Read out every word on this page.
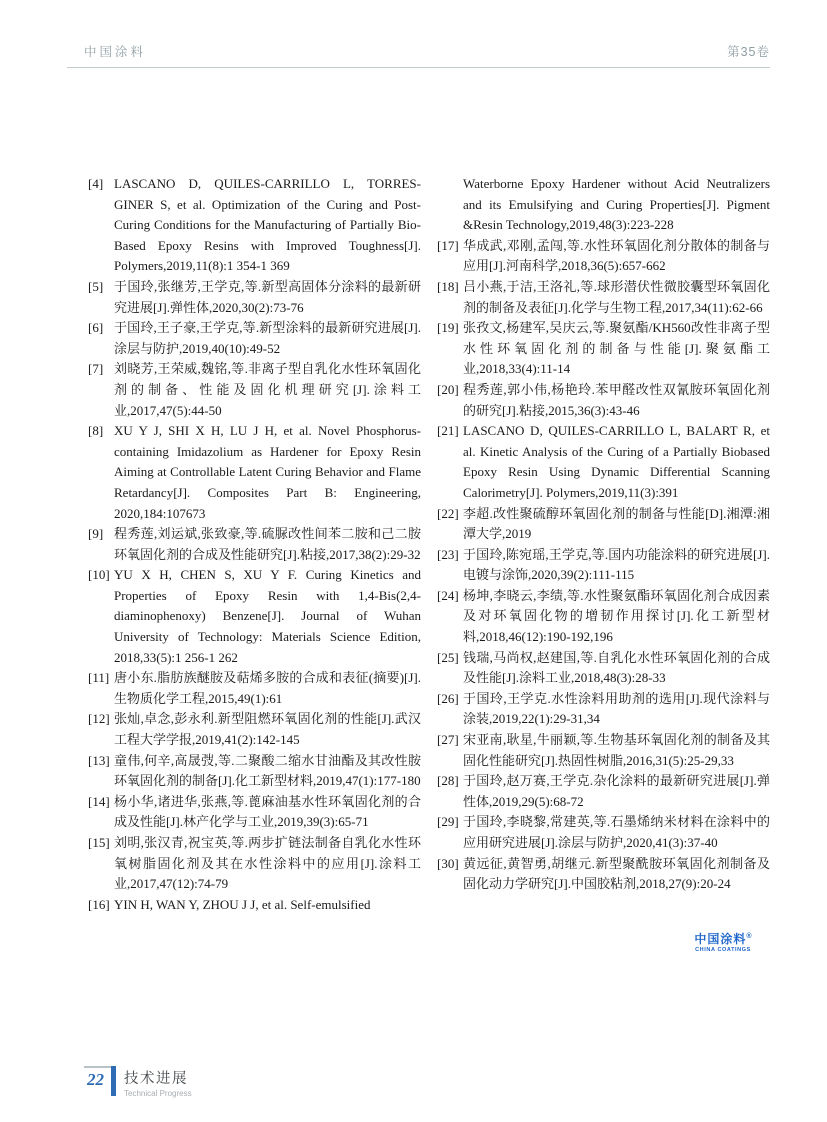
中国涂料	第35卷
[4] LASCANO D, QUILES-CARRILLO L, TORRES-GINER S, et al. Optimization of the Curing and Post-Curing Conditions for the Manufacturing of Partially Bio-Based Epoxy Resins with Improved Toughness[J]. Polymers,2019,11(8):1 354-1 369
[5] 于国玲,张继芳,王学克,等.新型高固体分涂料的最新研究进展[J].弹性体,2020,30(2):73-76
[6] 于国玲,王子豪,王学克,等.新型涂料的最新研究进展[J].涂层与防护,2019,40(10):49-52
[7] 刘晓芳,王荣威,魏铭,等.非离子型自乳化水性环氧固化剂的制备、性能及固化机理研究[J].涂料工业,2017,47(5):44-50
[8] XU Y J, SHI X H, LU J H, et al. Novel Phosphorus-containing Imidazolium as Hardener for Epoxy Resin Aiming at Controllable Latent Curing Behavior and Flame Retardancy[J]. Composites Part B: Engineering, 2020,184:107673
[9] 程秀莲,刘运斌,张致豪,等.硫脲改性间苯二胺和己二胺环氧固化剂的合成及性能研究[J].粘接,2017,38(2):29-32
[10] YU X H, CHEN S, XU Y F. Curing Kinetics and Properties of Epoxy Resin with 1,4-Bis(2,4-diaminophenoxy) Benzene[J]. Journal of Wuhan University of Technology: Materials Science Edition, 2018,33(5):1 256-1 262
[11] 唐小东.脂肪族醚胺及萜烯多胺的合成和表征(摘要)[J].生物质化学工程,2015,49(1):61
[12] 张灿,卓念,彭永利.新型阻燃环氧固化剂的性能[J].武汉工程大学学报,2019,41(2):142-145
[13] 童伟,何辛,高晟弢,等.二聚酸二缩水甘油酯及其改性胺环氧固化剂的制备[J].化工新型材料,2019,47(1):177-180
[14] 杨小华,诸进华,张燕,等.蓖麻油基水性环氧固化剂的合成及性能[J].林产化学与工业,2019,39(3):65-71
[15] 刘明,张汉青,祝宝英,等.两步扩链法制备自乳化水性环氧树脂固化剂及其在水性涂料中的应用[J].涂料工业,2017,47(12):74-79
[16] YIN H, WAN Y, ZHOU J J, et al. Self-emulsified
Waterborne Epoxy Hardener without Acid Neutralizers and its Emulsifying and Curing Properties[J]. Pigment &Resin Technology,2019,48(3):223-228
[17] 华成武,邓刚,孟闯,等.水性环氧固化剂分散体的制备与应用[J].河南科学,2018,36(5):657-662
[18] 吕小燕,于洁,王洛礼,等.球形潜伏性微胶囊型环氧固化剂的制备及表征[J].化学与生物工程,2017,34(11):62-66
[19] 张孜文,杨建军,吴庆云,等.聚氨酯/KH560改性非离子型水性环氧固化剂的制备与性能[J].聚氨酯工业,2018,33(4):11-14
[20] 程秀莲,郭小伟,杨艳玲.苯甲醛改性双氰胺环氧固化剂的研究[J].粘接,2015,36(3):43-46
[21] LASCANO D, QUILES-CARRILLO L, BALART R, et al. Kinetic Analysis of the Curing of a Partially Biobased Epoxy Resin Using Dynamic Differential Scanning Calorimetry[J]. Polymers,2019,11(3):391
[22] 李超.改性聚硫醇环氧固化剂的制备与性能[D].湘潭:湘潭大学,2019
[23] 于国玲,陈宛瑶,王学克,等.国内功能涂料的研究进展[J].电镀与涂饰,2020,39(2):111-115
[24] 杨坤,李晓云,李绩,等.水性聚氨酯环氧固化剂合成因素及对环氧固化物的增韧作用探讨[J].化工新型材料,2018,46(12):190-192,196
[25] 钱瑞,马尚权,赵建国,等.自乳化水性环氧固化剂的合成及性能[J].涂料工业,2018,48(3):28-33
[26] 于国玲,王学克.水性涂料用助剂的选用[J].现代涂料与涂装,2019,22(1):29-31,34
[27] 宋亚南,耿星,牛丽颖,等.生物基环氧固化剂的制备及其固化性能研究[J].热固性树脂,2016,31(5):25-29,33
[28] 于国玲,赵万赛,王学克.杂化涂料的最新研究进展[J].弹性体,2019,29(5):68-72
[29] 于国玲,李晓黎,常建英,等.石墨烯纳米材料在涂料中的应用研究进展[J].涂层与防护,2020,41(3):37-40
[30] 黄远征,黄智勇,胡继元.新型聚酰胺环氧固化剂制备及固化动力学研究[J].中国胶粘剂,2018,27(9):20-24
中国涂料®
CHINA COATINGS
22	技术进展
Technical Progress
